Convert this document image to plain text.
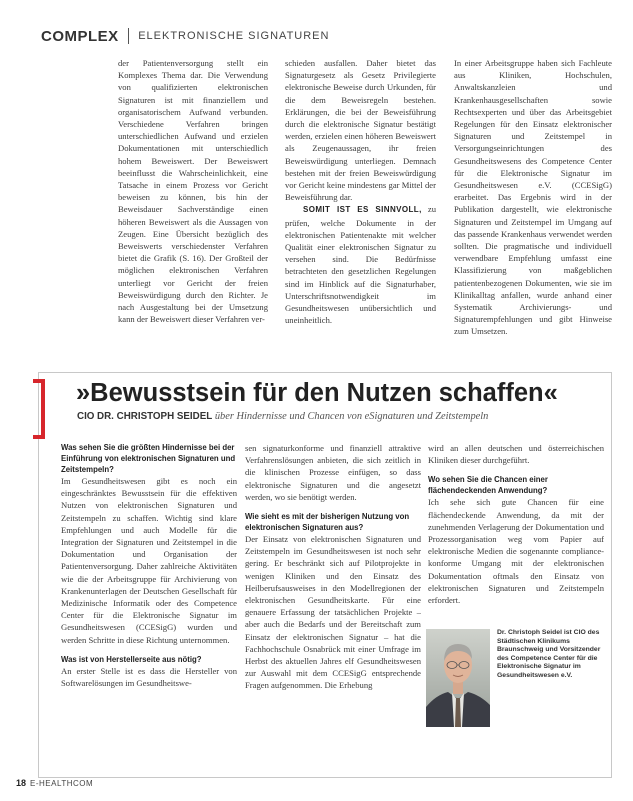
COMPLEX ELEKTRONISCHE SIGNATUREN

der Patientenversorgung stellt ein Komplexes Thema dar. Die Verwendung von qualifizierten elektronischen Signaturen ist mit finanziellem und organisatorischem Aufwand verbunden. Verschiedene Verfahren bringen unterschiedlichen Aufwand und erzielen Dokumentationen mit unterschiedlich hohem Beweiswert. Der Beweiswert beeinflusst die Wahrscheinlichkeit, eine Tatsache in einem Prozess vor Gericht beweisen zu können, bis hin der Beweisdauer Sachverständige einen höheren Beweiswert als die Aussagen von Zeugen. Eine Übersicht bezüglich des Beweiswerts verschiedenster Verfahren bietet die Grafik (S. 16). Der Großteil der möglichen elektronischen Verfahren unterliegt vor Gericht der freien Beweiswürdigung durch den Richter. Je nach Ausgestaltung bei der Umsetzung kann der Beweiswert dieser Verfahren ver-

schieden ausfallen. Daher bietet das Signaturgesetz als Gesetz Privilegierte elektronische Beweise durch Urkunden, für die dem Beweisregeln bestehen. Erklärungen, die bei der Beweisführung durch die elektronische Signatur bestätigt werden, erzielen einen höheren Beweiswert als Zeugenaussagen, ihr freien Beweiswürdigung unterliegen. Demnach bestehen mit der freien Beweiswürdigung vor Gericht keine mindestens gar Mittel der Beweisführung dar.

SOMIT IST ES SINNVOLL, zu prüfen, welche Dokumente in der elektronischen Patientenakte mit welcher Qualität einer elektronischen Signatur zu versehen sind. Die Bedürfnisse betrachteten den gesetzlichen Regelungen sind im Hinblick auf die Signaturhaber, Unterschriftsnotwendigkeit im Gesundheitswesen unübersichtlich und uneinheitlich.

In einer Arbeitsgruppe haben sich Fachleute aus Kliniken, Hochschulen, Anwaltskanzleien und Krankenhausgesellschaften sowie Rechtsexperten und über das Arbeitsgebiet Regelungen für den Einsatz elektronischer Signaturen und Zeitstempel in Versorgungseinrichtungen des Gesundheitswesens des Competence Center für die Elektronische Signatur im Gesundheitswesen e.V. (CCESigG) erarbeitet. Das Ergebnis wird in der Publikation dargestellt, wie elektronische Signaturen und Zeitstempel im Umgang auf das passende Krankenhaus verwendet werden sollten. Die pragmatische und individuell verwendbare Empfehlung umfasst eine Klassifizierung von maßgeblichen patientenbezogenen Dokumenten, wie sie im Klinikalltag anfallen, wurde anhand einer Systematik Archivierungs- und Signaturempfehlungen und gibt Hinweise zum Umsetzen.

»Bewusstsein für den Nutzen schaffen«
CIO DR. CHRISTOPH SEIDEL über Hindernisse und Chancen von eSignaturen und Zeitstempeln

Was sehen Sie die größten Hindernisse bei der Einführung von elektronischen Signaturen und Zeitstempeln?

Im Gesundheitswesen gibt es noch ein eingeschränktes Bewusstsein für die effektiven Nutzen von elektronischen Signaturen und Zeitstempeln zu schaffen. Wichtig sind klare Empfehlungen und auch Modelle für die Integration der Signaturen und Zeitstempel in die Dokumentation und Organisation der Patientenversorgung. Daher zahlreiche Aktivitäten wie die der Arbeitsgruppe für Archivierung von Krankenunterlagen der Deutschen Gesellschaft für Medizinische Informatik oder des Competence Center für die Elektronische Signatur im Gesundheitswesen (CCESigG) wurden und werden Schritte in diese Richtung unternommen.

Was ist von Herstellerseite aus nötig?

An erster Stelle ist es dass die Hersteller von Softwarelösungen im Gesundheitswe-

sen signaturkonforme und finanziell attraktive Verfahrenslösungen anbieten, die sich zeitlich in die klinischen Prozesse einfügen, so dass elektronische Signaturen und die angesetzt werden, wo sie benötigt werden.

Wie sieht es mit der bisherigen Nutzung von elektronischen Signaturen aus?

Der Einsatz von elektronischen Signaturen und Zeitstempeln im Gesundheitswesen ist noch sehr gering. Er beschränkt sich auf Pilotprojekte in wenigen Kliniken und den Einsatz des Heilberufsausweises in den Modellregionen der elektronischen Gesundheitskarte. Für eine genauere Erfassung der tatsächlichen Projekte – aber auch die Bedarfs und der Bereitschaft zum Einsatz der elektronischen Signatur – hat die Fachhochschule Osnabrück mit einer Umfrage im Herbst des aktuellen Jahres elf Gesundheitswesen zur Auswahl mit dem CCESigG entsprechende Fragen aufgenommen. Die Erhebung

wird an allen deutschen und österreichischen Kliniken dieser durchgeführt.

Wo sehen Sie die Chancen einer flächendeckenden Anwendung?

Ich sehe sich gute Chancen für eine flächendeckende Anwendung, da mit der zunehmenden Verlagerung der Dokumentation und Prozessorganisation weg vom Papier auf elektronische Medien die sogenannte compliance-konforme Umgang mit der elektronischen Dokumentation oftmals den Einsatz von elektronischen Signaturen und Zeitstempeln erfordert.

Dr. Christoph Seidel ist CIO des Städtischen Klinikums Braunschweig und Vorsitzender des Competence Center für die Elektronische Signatur im Gesundheitswesen e.V.
18 E-HEALTHCOM
